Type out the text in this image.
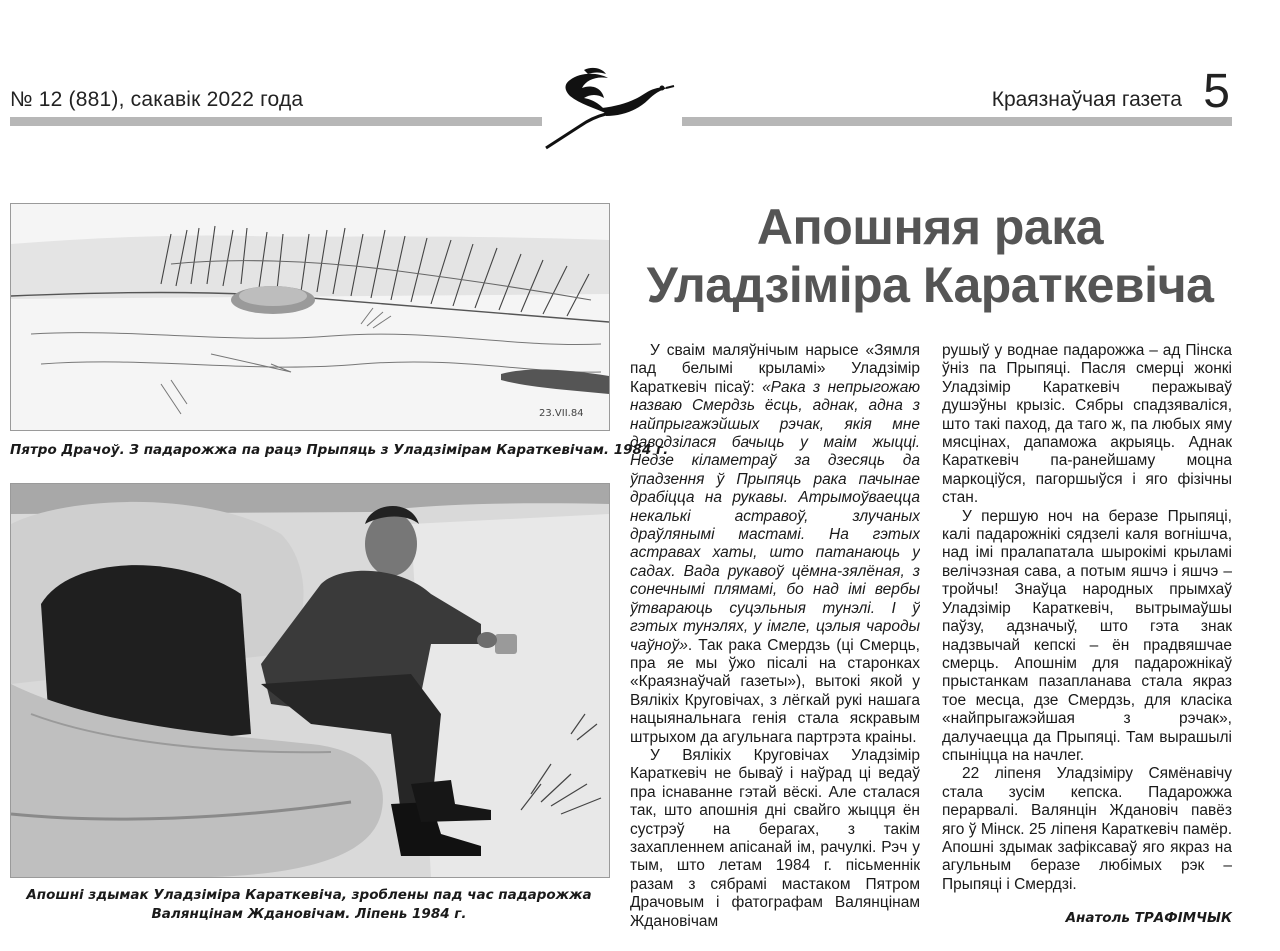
№ 12 (881), сакавік 2022 года	Краязнаўчая газета 5
23.VII.84
Пятро Драчоў. З падарожжа па рацэ Прыпяць з Уладзімірам Караткевічам. 1984 г.
Апошні здымак Уладзіміра Караткевіча, зроблены пад час падарожжа
Валянцінам Ждановічам. Ліпень 1984 г.
Апошняя рака
Уладзіміра Караткевіча

У сваім маляўнічым нарысе «Зямля пад белымі крыламі» Уладзімір Караткевіч пісаў: «Рака з непрыгожаю назваю Смердзь ёсць, аднак, адна з найпрыгажэйшых рэчак, якія мне даводзілася бачыць у маім жыцці. Недзе кіламетраў за дзесяць да ўпадзення ў Прыпяць рака пачынае драбіцца на рукавы. Атрымоўваецца некалькі астравоў, злучаных драўлянымі мастамі. На гэтых астравах хаты, што патанаюць у садах. Вада рукавоў цёмна-зялёная, з сонечнымі плямамі, бо над імі вербы ўтвараюць суцэльныя тунэлі. І ў гэтых тунэлях, у імгле, цэлыя чароды чаўноў». Так рака Смердзь (ці Смерць, пра яе мы ўжо пісалі на старонках «Краязнаўчай газеты»), вытокі якой у Вялікіх Круговічах, з лёгкай рукі нашага нацыянальнага генія стала яскравым штрыхом да агульнага партрэта краіны.

У Вялікіх Круговічах Уладзімір Караткевіч не бываў і наўрад ці ведаў пра існаванне гэтай вёскі. Але сталася так, што апошнія дні свайго жыцця ён сустрэў на берагах, з такім захапленнем апісанай ім, рачулкі. Рэч у тым, што летам 1984 г. пісьменнік разам з сябрамі мастаком Пятром Драчовым і фатографам Валянцінам Ждановічам

рушыў у воднае падарожжа – ад Пінска ўніз па Прыпяці. Пасля смерці жонкі Уладзімір Караткевіч перажываў душэўны крызіс. Сябры спадзяваліся, што такі паход, да таго ж, па любых яму мясцінах, дапаможа акрыяць. Аднак Караткевіч па-ранейшаму моцна маркоціўся, пагоршыўся і яго фізічны стан.

У першую ноч на беразе Прыпяці, калі падарожнікі сядзелі каля вогнішча, над імі пралапатала шырокімі крыламі велічэзная сава, а потым яшчэ і яшчэ – тройчы! Знаўца народных прымхаў Уладзімір Караткевіч, вытрымаўшы паўзу, адзначыў, што гэта знак надзвычай кепскі – ён прадвяшчае смерць. Апошнім для падарожнікаў прыстанкам пазапланава стала якраз тое месца, дзе Смердзь, для класіка «найпрыгажэйшая з рэчак», далучаецца да Прыпяці. Там вырашылі спыніцца на начлег.

22 ліпеня Уладзіміру Сямёнавічу стала зусім кепска. Падарожжа перарвалі. Валянцін Ждановіч павёз яго ў Мінск. 25 ліпеня Караткевіч памёр. Апошні здымак зафіксаваў яго якраз на агульным беразе любімых рэк – Прыпяці і Смердзі.

Анатоль ТРАФІМЧЫК
